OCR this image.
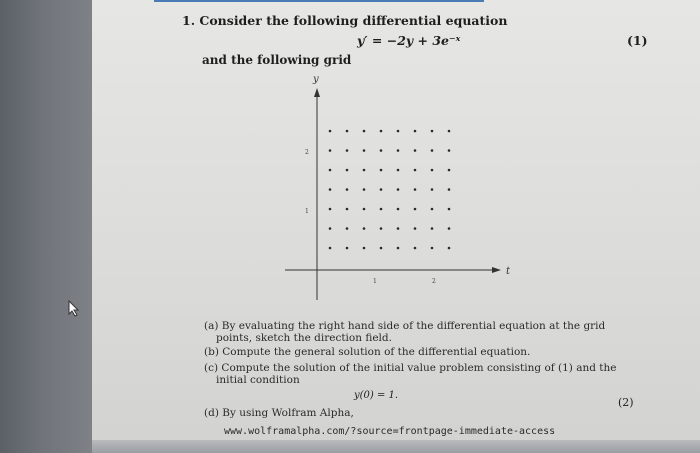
1. Consider the following differential equation
y′ = −2y + 3e⁻ˣ	(1)
and the following grid
y
t
1
2
1	2
(a) By evaluating the right hand side of the differential equation at the grid
points, sketch the direction field.
(b) Compute the general solution of the differential equation.
(c) Compute the solution of the initial value problem consisting of (1) and the
initial condition
y(0) = 1.
(2)
(d) By using Wolfram Alpha,
www.wolframalpha.com/?source=frontpage-immediate-access
